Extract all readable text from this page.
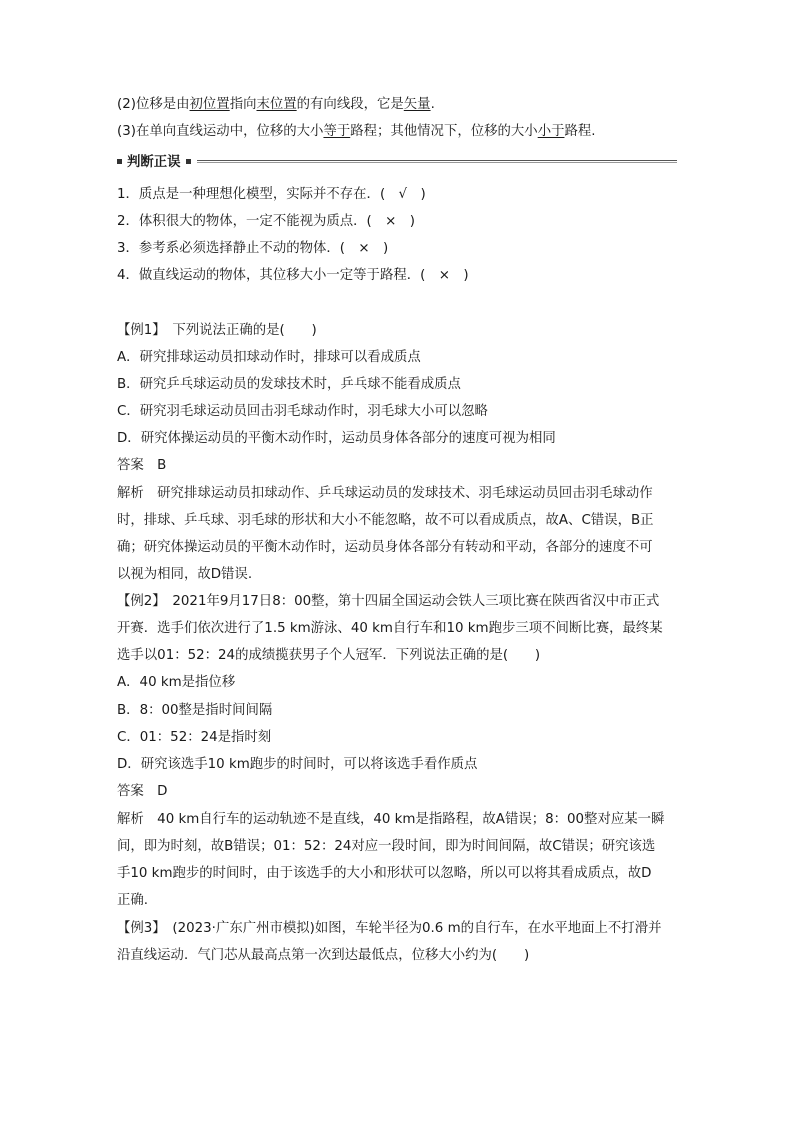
(2)位移是由初位置指向末位置的有向线段，它是矢量.
(3)在单向直线运动中，位移的大小等于路程；其他情况下，位移的大小小于路程.
判断正误
1．质点是一种理想化模型，实际并不存在．(　√　)
2．体积很大的物体，一定不能视为质点．(　×　)
3．参考系必须选择静止不动的物体．(　×　)
4．做直线运动的物体，其位移大小一定等于路程．(　×　)
【例1】　下列说法正确的是(　　)
A．研究排球运动员扣球动作时，排球可以看成质点
B．研究乒乓球运动员的发球技术时，乒乓球不能看成质点
C．研究羽毛球运动员回击羽毛球动作时，羽毛球大小可以忽略
D．研究体操运动员的平衡木动作时，运动员身体各部分的速度可视为相同
答案　B
解析　研究排球运动员扣球动作、乒乓球运动员的发球技术、羽毛球运动员回击羽毛球动作
时，排球、乒乓球、羽毛球的形状和大小不能忽略，故不可以看成质点，故A、C错误，B正
确；研究体操运动员的平衡木动作时，运动员身体各部分有转动和平动，各部分的速度不可
以视为相同，故D错误.
【例2】　2021年9月17日8：00整，第十四届全国运动会铁人三项比赛在陕西省汉中市正式
开赛．选手们依次进行了1.5 km游泳、40 km自行车和10 km跑步三项不间断比赛，最终某
选手以01：52：24的成绩揽获男子个人冠军．下列说法正确的是(　　)
A．40 km是指位移
B．8：00整是指时间间隔
C．01：52：24是指时刻
D．研究该选手10 km跑步的时间时，可以将该选手看作质点
答案　D
解析　40 km自行车的运动轨迹不是直线，40 km是指路程，故A错误；8：00整对应某一瞬
间，即为时刻，故B错误；01：52：24对应一段时间，即为时间间隔，故C错误；研究该选
手10 km跑步的时间时，由于该选手的大小和形状可以忽略，所以可以将其看成质点，故D
正确.
【例3】　(2023·广东广州市模拟)如图，车轮半径为0.6 m的自行车，在水平地面上不打滑并
沿直线运动．气门芯从最高点第一次到达最低点，位移大小约为(　　)
